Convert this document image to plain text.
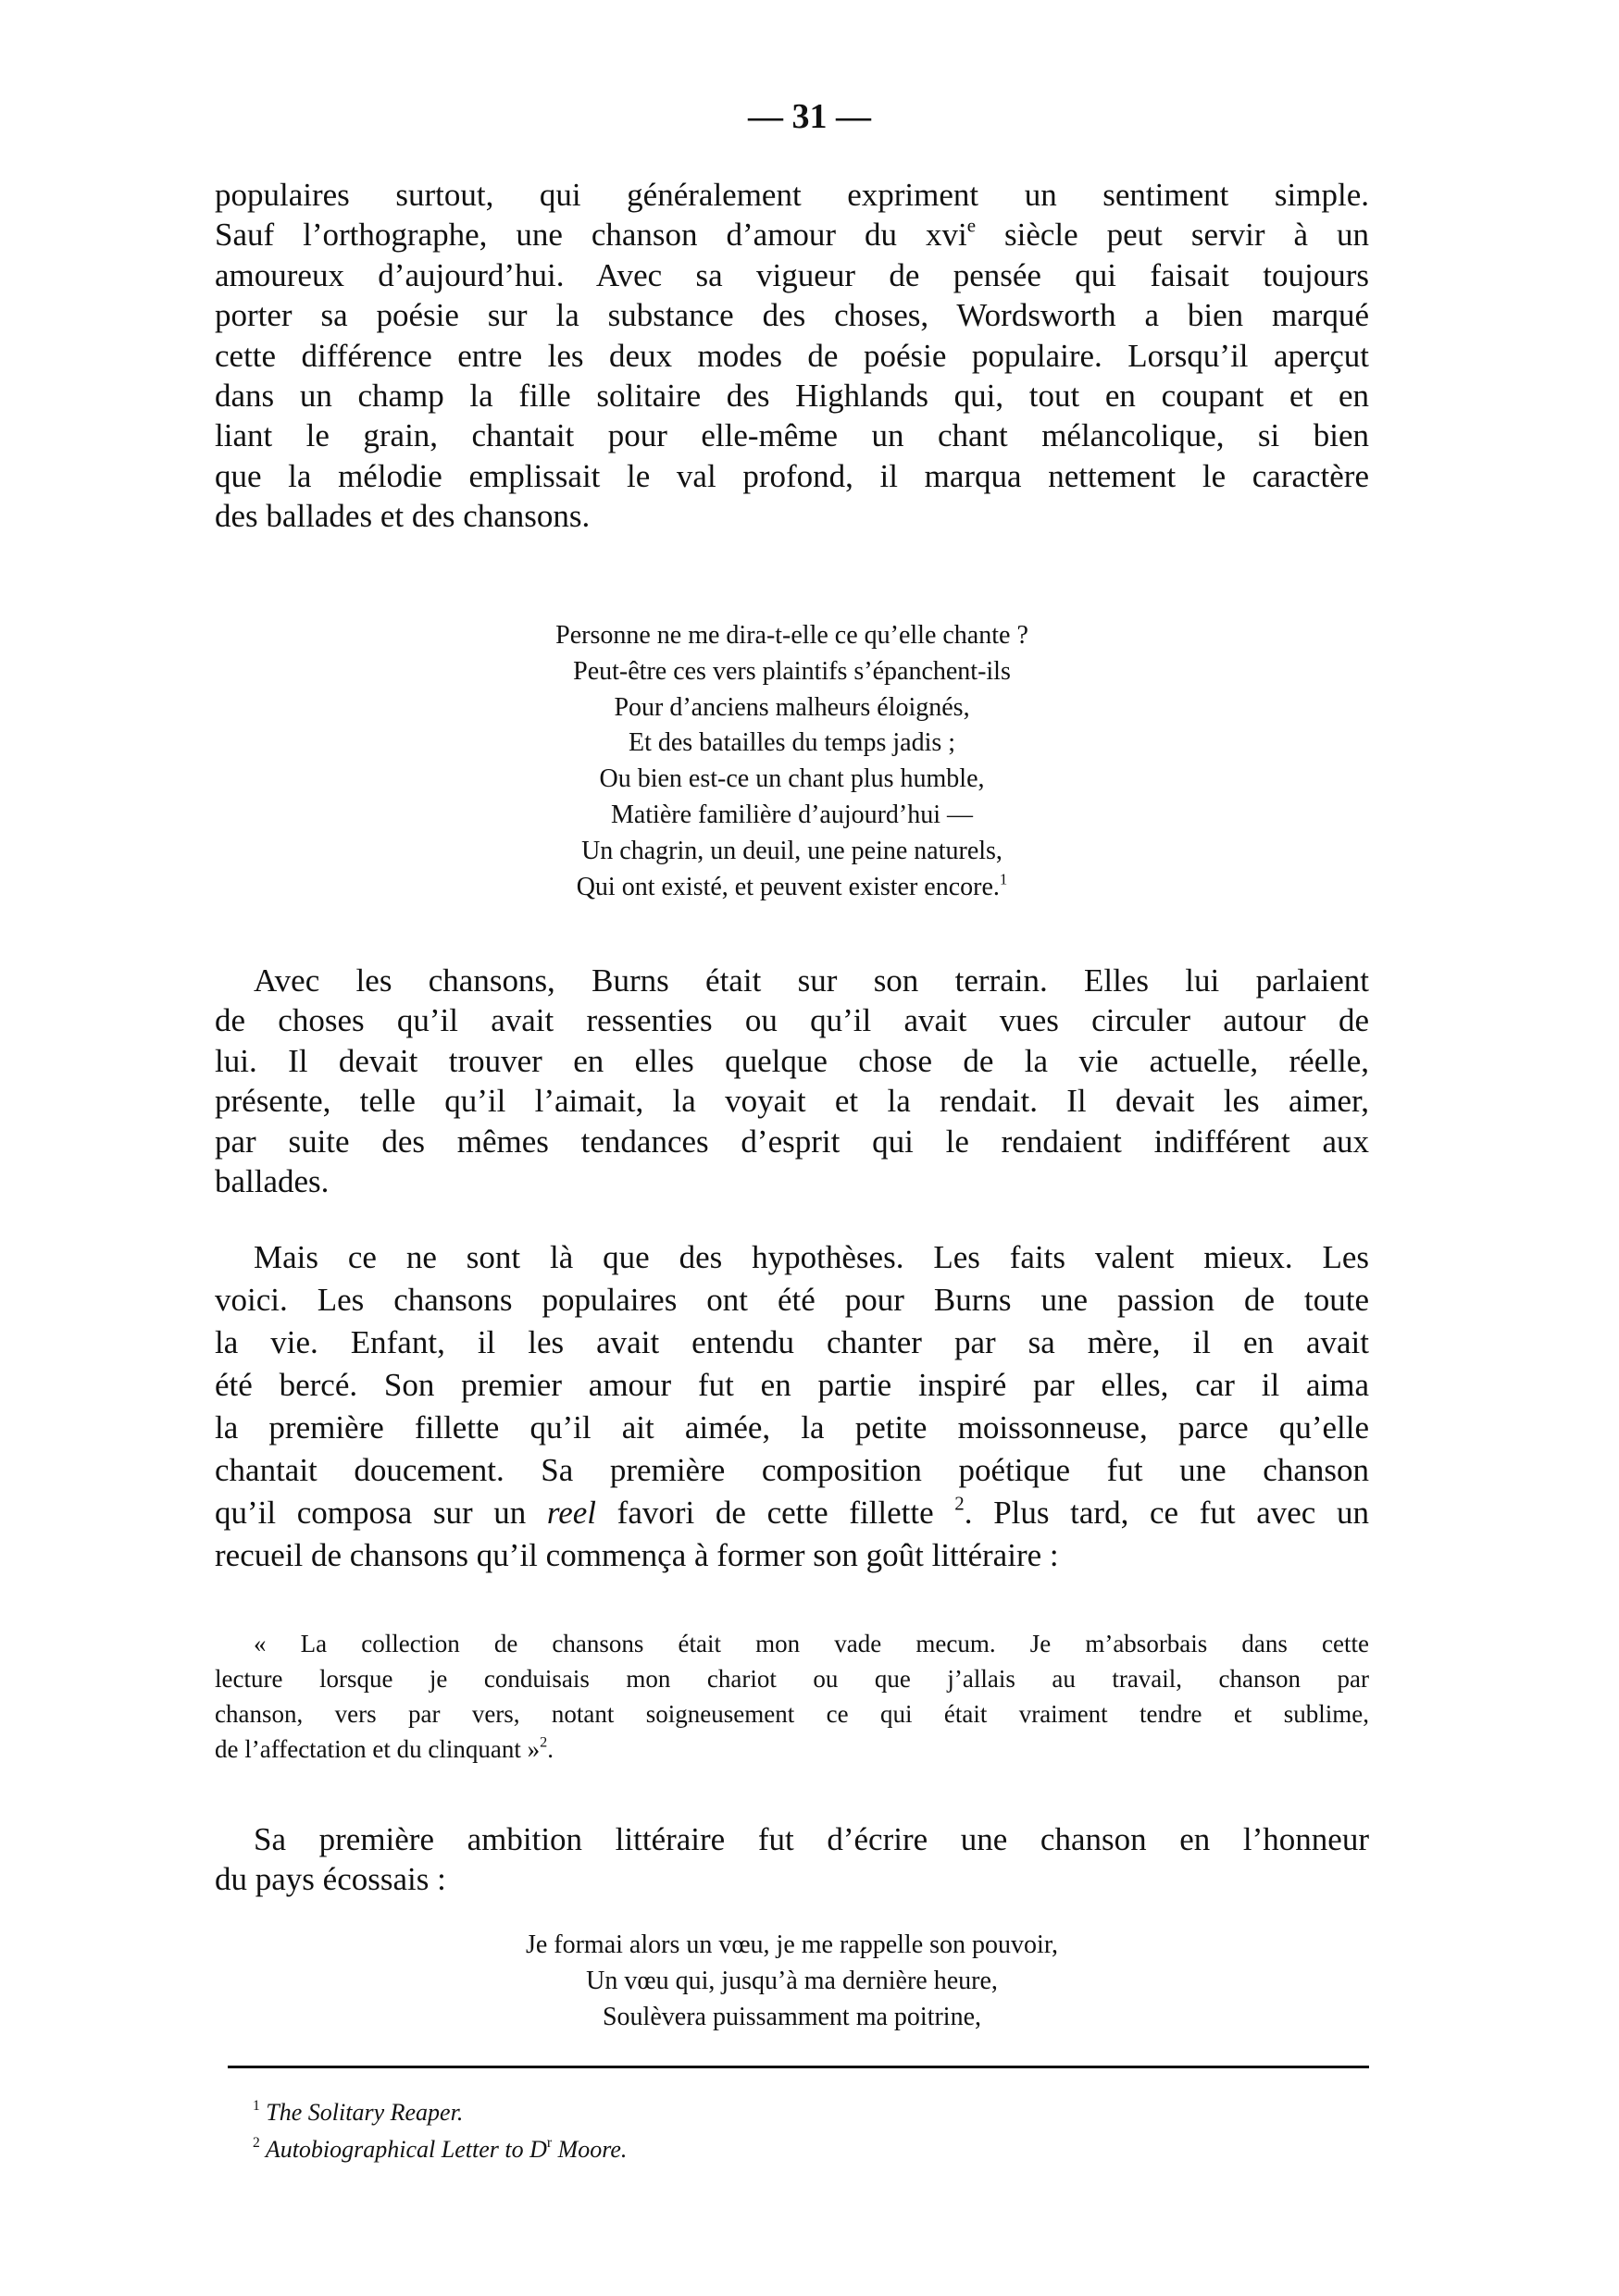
— 31 —
populaires surtout, qui généralement expriment un sentiment simple.
Sauf l’orthographe, une chanson d’amour du xvi$^e$ siècle peut servir à un
amoureux d’aujourd’hui. Avec sa vigueur de pensée qui faisait toujours
porter sa poésie sur la substance des choses, Wordsworth a bien marqué
cette différence entre les deux modes de poésie populaire. Lorsqu’il aperçut
dans un champ la fille solitaire des Highlands qui, tout en coupant et en
liant le grain, chantait pour elle-même un chant mélancolique, si bien
que la mélodie emplissait le val profond, il marqua nettement le caractère
des ballades et des chansons.
Personne ne me dira-t-elle ce qu’elle chante ?
Peut-être ces vers plaintifs s’épanchent-ils
Pour d’anciens malheurs éloignés,
Et des batailles du temps jadis ;
Ou bien est-ce un chant plus humble,
Matière familière d’aujourd’hui —
Un chagrin, un deuil, une peine naturels,
Qui ont existé, et peuvent exister encore.$^1$
Avec les chansons, Burns était sur son terrain. Elles lui parlaient
de choses qu’il avait ressenties ou qu’il avait vues circuler autour de
lui. Il devait trouver en elles quelque chose de la vie actuelle, réelle,
présente, telle qu’il l’aimait, la voyait et la rendait. Il devait les aimer,
par suite des mêmes tendances d’esprit qui le rendaient indifférent aux
ballades.
Mais ce ne sont là que des hypothèses. Les faits valent mieux. Les
voici. Les chansons populaires ont été pour Burns une passion de toute
la vie. Enfant, il les avait entendu chanter par sa mère, il en avait
été bercé. Son premier amour fut en partie inspiré par elles, car il aima
la première fillette qu’il ait aimée, la petite moissonneuse, parce qu’elle
chantait doucement. Sa première composition poétique fut une chanson
qu’il composa sur un reel favori de cette fillette $^2$. Plus tard, ce fut avec un
recueil de chansons qu’il commença à former son goût littéraire :
« La collection de chansons était mon vade mecum. Je m’absorbais dans cette
lecture lorsque je conduisais mon chariot ou que j’allais au travail, chanson par
chanson, vers par vers, notant soigneusement ce qui était vraiment tendre et sublime,
de l’affectation et du clinquant »$^2$.
Sa première ambition littéraire fut d’écrire une chanson en l’honneur
du pays écossais :
Je formai alors un vœu, je me rappelle son pouvoir,
Un vœu qui, jusqu’à ma dernière heure,
Soulèvera puissamment ma poitrine,
$^1$ The Solitary Reaper.
$^2$ Autobiographical Letter to $D^r$ Moore.
